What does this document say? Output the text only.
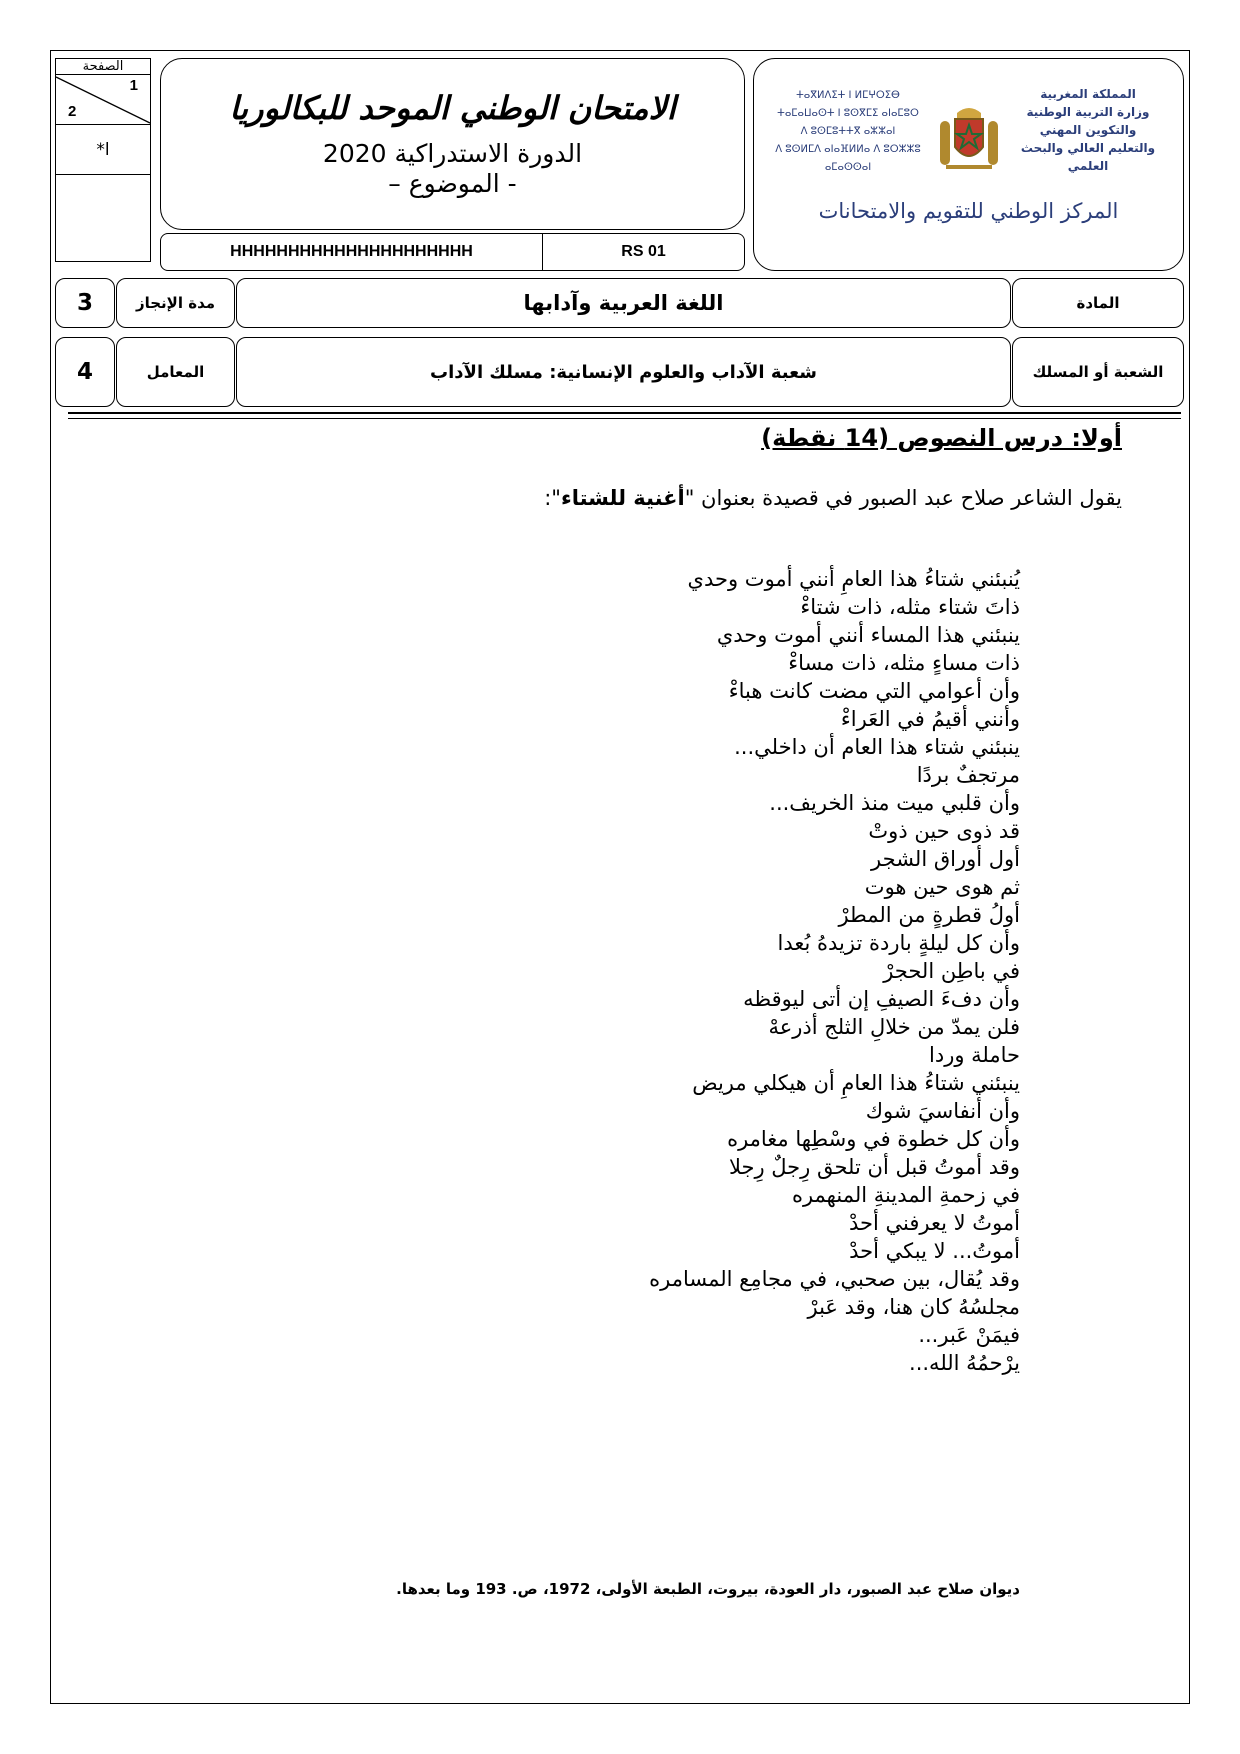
الصفحة
1
2
*ا
الامتحان الوطني الموحد للبكالوريا
الدورة الاستدراكية 2020
- الموضوع –
HHHHHHHHHHHHHHHHHHHHH	RS 01
ⵜⴰⴳⵍⴷⵉⵜ ⵏ ⵍⵎⵖⵔⵉⴱ
ⵜⴰⵎⴰⵡⴰⵙⵜ ⵏ ⵓⵙⴳⵎⵉ ⴰⵏⴰⵎⵓⵔ
ⴷ ⵓⵙⵎⵓⵜⵜⴳ ⴰⵣⵣⴰⵏ
ⴷ ⵓⵙⵍⵎⴷ ⴰⵏⴰⴼⵍⵍⴰ ⴷ ⵓⵔⵣⵣⵓ ⴰⵎⴰⵙⵙⴰⵏ
المملكة المغربية
وزارة التربية الوطنية
والتكوين المهني
والتعليم العالي والبحث العلمي
المركز الوطني للتقويم والامتحانات
3	مدة الإنجاز	اللغة العربية وآدابها	المادة
4	المعامل	شعبة الآداب والعلوم الإنسانية: مسلك الآداب	الشعبة أو المسلك
أولا: درس النصوص (14 نقطة)
يقول الشاعر صلاح عبد الصبور في قصيدة بعنوان "أغنية للشتاء":
يُنبئني شتاءُ هذا العامِ أنني أموت وحدي
ذاتَ شتاء مثله، ذات شتاءْ
ينبئني هذا المساء أنني أموت وحدي
ذات مساءٍ مثله، ذات مساءْ
وأن أعوامي التي مضت كانت هباءْ
وأنني أقيمُ في العَراءْ
ينبئني شتاء هذا العام أن داخلي...
مرتجفٌ بردًا
وأن قلبي ميت منذ الخريف...
قد ذوى حين ذوتْ
أول أوراق الشجر
ثم هوى حين هوت
أولُ قطرةٍ من المطرْ
وأن كل ليلةٍ باردة تزيدهُ بُعدا
في باطِن الحجرْ
وأن دفءَ الصيفِ إن أتى ليوقظه
فلن يمدّ من خلالِ الثلج أذرعهْ
حاملة وردا
ينبئني شتاءُ هذا العامِ أن هيكلي مريض
وأن أنفاسيَ شوك
وأن كل خطوة في وسْطِها مغامره
وقد أموتُ قبل أن تلحق رِجلٌ رِجلا
في زحمةِ المدينةِ المنهمره
أموتُ لا يعرفني أحدْ
أموتُ... لا يبكي أحدْ
وقد يُقال، بين صحبي، في مجامِع المسامره
مجلسُهُ كان هنا، وقد عَبرْ
فيمَنْ عَبر...
يرْحمُهُ الله...
ديوان صلاح عبد الصبور، دار العودة، بيروت، الطبعة الأولى، 1972، ص. 193 وما بعدها.
